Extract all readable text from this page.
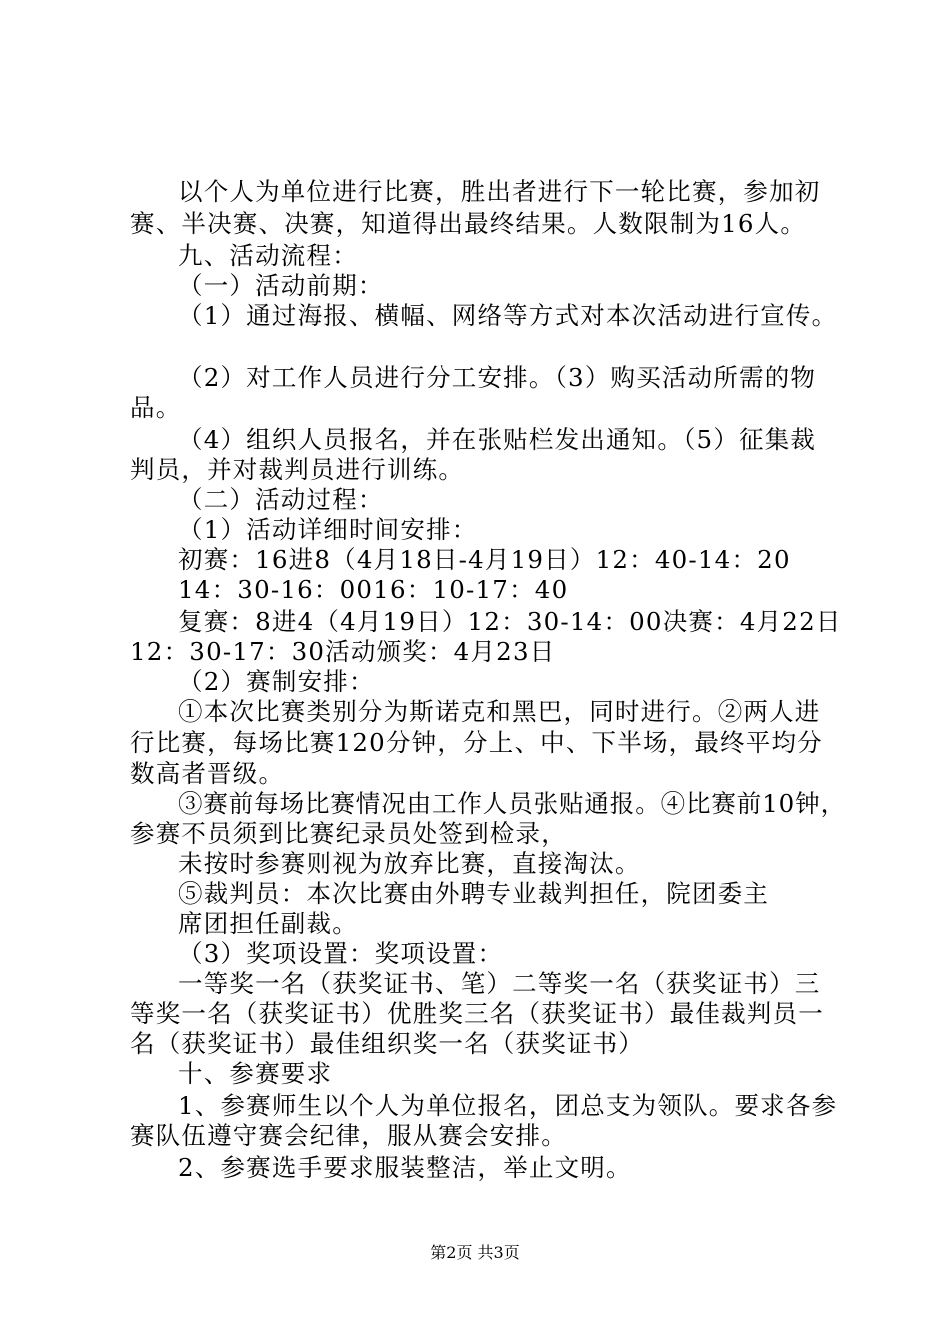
以个人为单位进行比赛，胜出者进行下一轮比赛，参加初
赛、半决赛、决赛，知道得出最终结果。人数限制为16人。
九、活动流程：
（一）活动前期：
（1）通过海报、横幅、网络等方式对本次活动进行宣传。
（2）对工作人员进行分工安排。（3）购买活动所需的物
品。
（4）组织人员报名，并在张贴栏发出通知。（5）征集裁
判员，并对裁判员进行训练。
（二）活动过程：
（1）活动详细时间安排：
初赛：16进8（4月18日-4月19日）12：40-14：20
14：30-16：0016：10-17：40
复赛：8进4（4月19日）12：30-14：00决赛：4月22日
12：30-17：30活动颁奖：4月23日
（2）赛制安排：
①本次比赛类别分为斯诺克和黑巴，同时进行。②两人进
行比赛，每场比赛120分钟，分上、中、下半场，最终平均分
数高者晋级。
③赛前每场比赛情况由工作人员张贴通报。④比赛前10钟，
参赛不员须到比赛纪录员处签到检录，
未按时参赛则视为放弃比赛，直接淘汰。
⑤裁判员：本次比赛由外聘专业裁判担任，院团委主
席团担任副裁。
（3）奖项设置：奖项设置：
一等奖一名（获奖证书、笔）二等奖一名（获奖证书）三
等奖一名（获奖证书）优胜奖三名（获奖证书）最佳裁判员一
名（获奖证书）最佳组织奖一名（获奖证书）
十、参赛要求
1、参赛师生以个人为单位报名，团总支为领队。要求各参
赛队伍遵守赛会纪律，服从赛会安排。
2、参赛选手要求服装整洁，举止文明。
第2页 共3页
